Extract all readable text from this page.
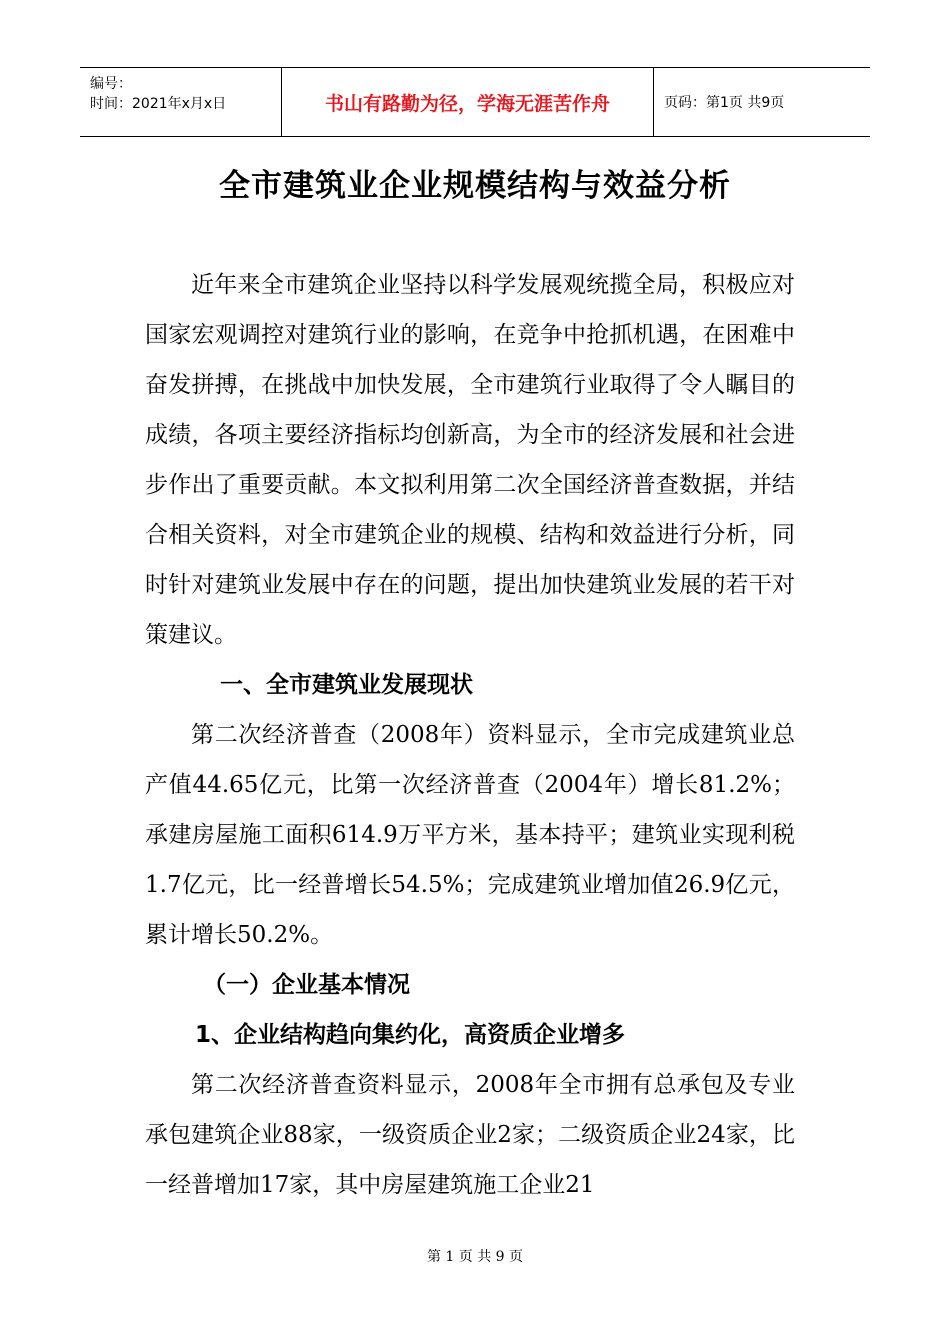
编号：
时间：2021年x月x日	书山有路勤为径，学海无涯苦作舟	页码：第1页 共9页
全市建筑业企业规模结构与效益分析

近年来全市建筑企业坚持以科学发展观统揽全局，积极应对国家宏观调控对建筑行业的影响，在竞争中抢抓机遇，在困难中奋发拼搏，在挑战中加快发展，全市建筑行业取得了令人瞩目的成绩，各项主要经济指标均创新高，为全市的经济发展和社会进步作出了重要贡献。本文拟利用第二次全国经济普查数据，并结合相关资料，对全市建筑企业的规模、结构和效益进行分析，同时针对建筑业发展中存在的问题，提出加快建筑业发展的若干对策建议。

一、全市建筑业发展现状

第二次经济普查（2008年）资料显示，全市完成建筑业总产值44.65亿元，比第一次经济普查（2004年）增长81.2%；承建房屋施工面积614.9万平方米，基本持平；建筑业实现利税1.7亿元，比一经普增长54.5%；完成建筑业增加值26.9亿元，累计增长50.2%。

（一）企业基本情况
1、企业结构趋向集约化，高资质企业增多

第二次经济普查资料显示，2008年全市拥有总承包及专业承包建筑企业88家，一级资质企业2家；二级资质企业24家，比一经普增加17家，其中房屋建筑施工企业21

第 1 页 共 9 页
